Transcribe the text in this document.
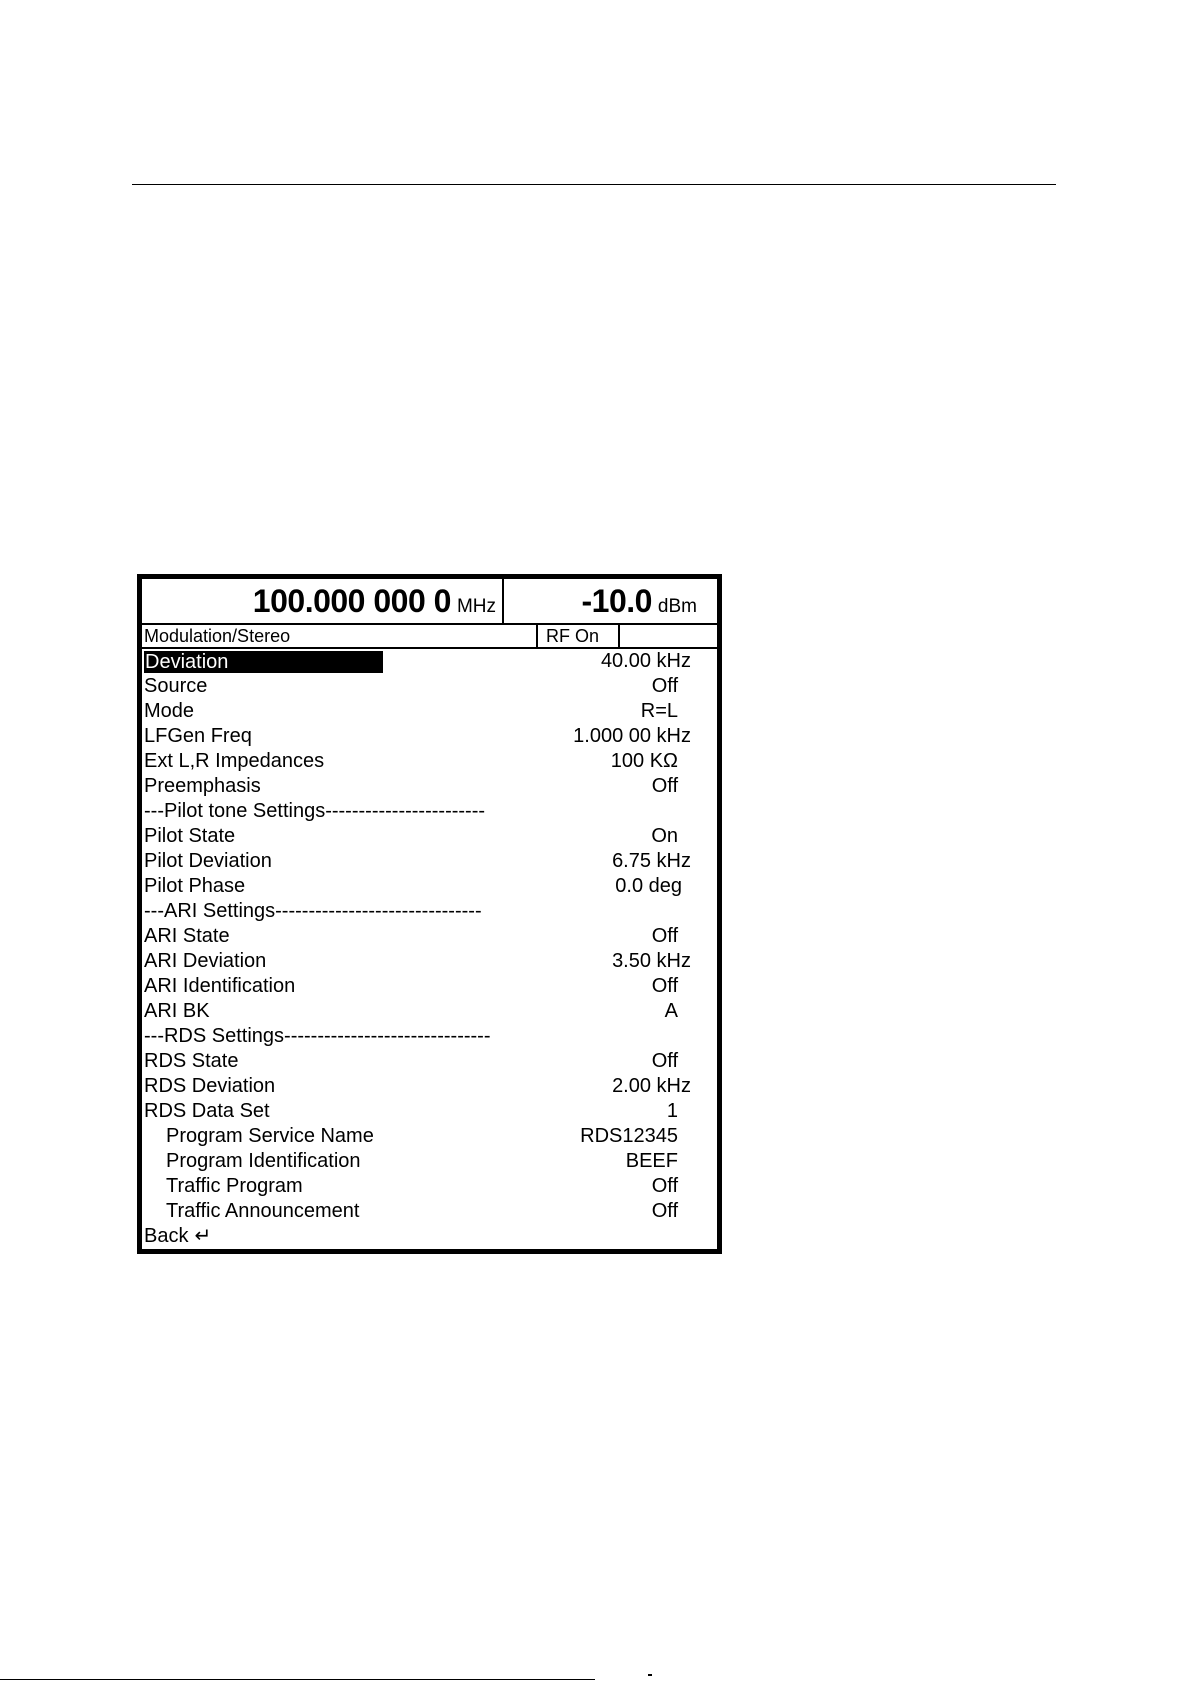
100.000 000 0 MHz	-10.0 dBm
Modulation/Stereo	RF On
Deviation	40.00 kHz
Source	Off
Mode	R=L
LFGen Freq	1.000 00 kHz
Ext L,R Impedances	100 KΩ
Preemphasis	Off
---Pilot tone Settings------------------------
Pilot State	On
Pilot Deviation	6.75 kHz
Pilot Phase	0.0 deg
---ARI Settings-------------------------------
ARI State	Off
ARI Deviation	3.50 kHz
ARI Identification	Off
ARI BK	A
---RDS Settings-------------------------------
RDS State	Off
RDS Deviation	2.00 kHz
RDS Data Set	1
Program Service Name	RDS12345
Program Identification	BEEF
Traffic Program	Off
Traffic Announcement	Off
Back ↵
